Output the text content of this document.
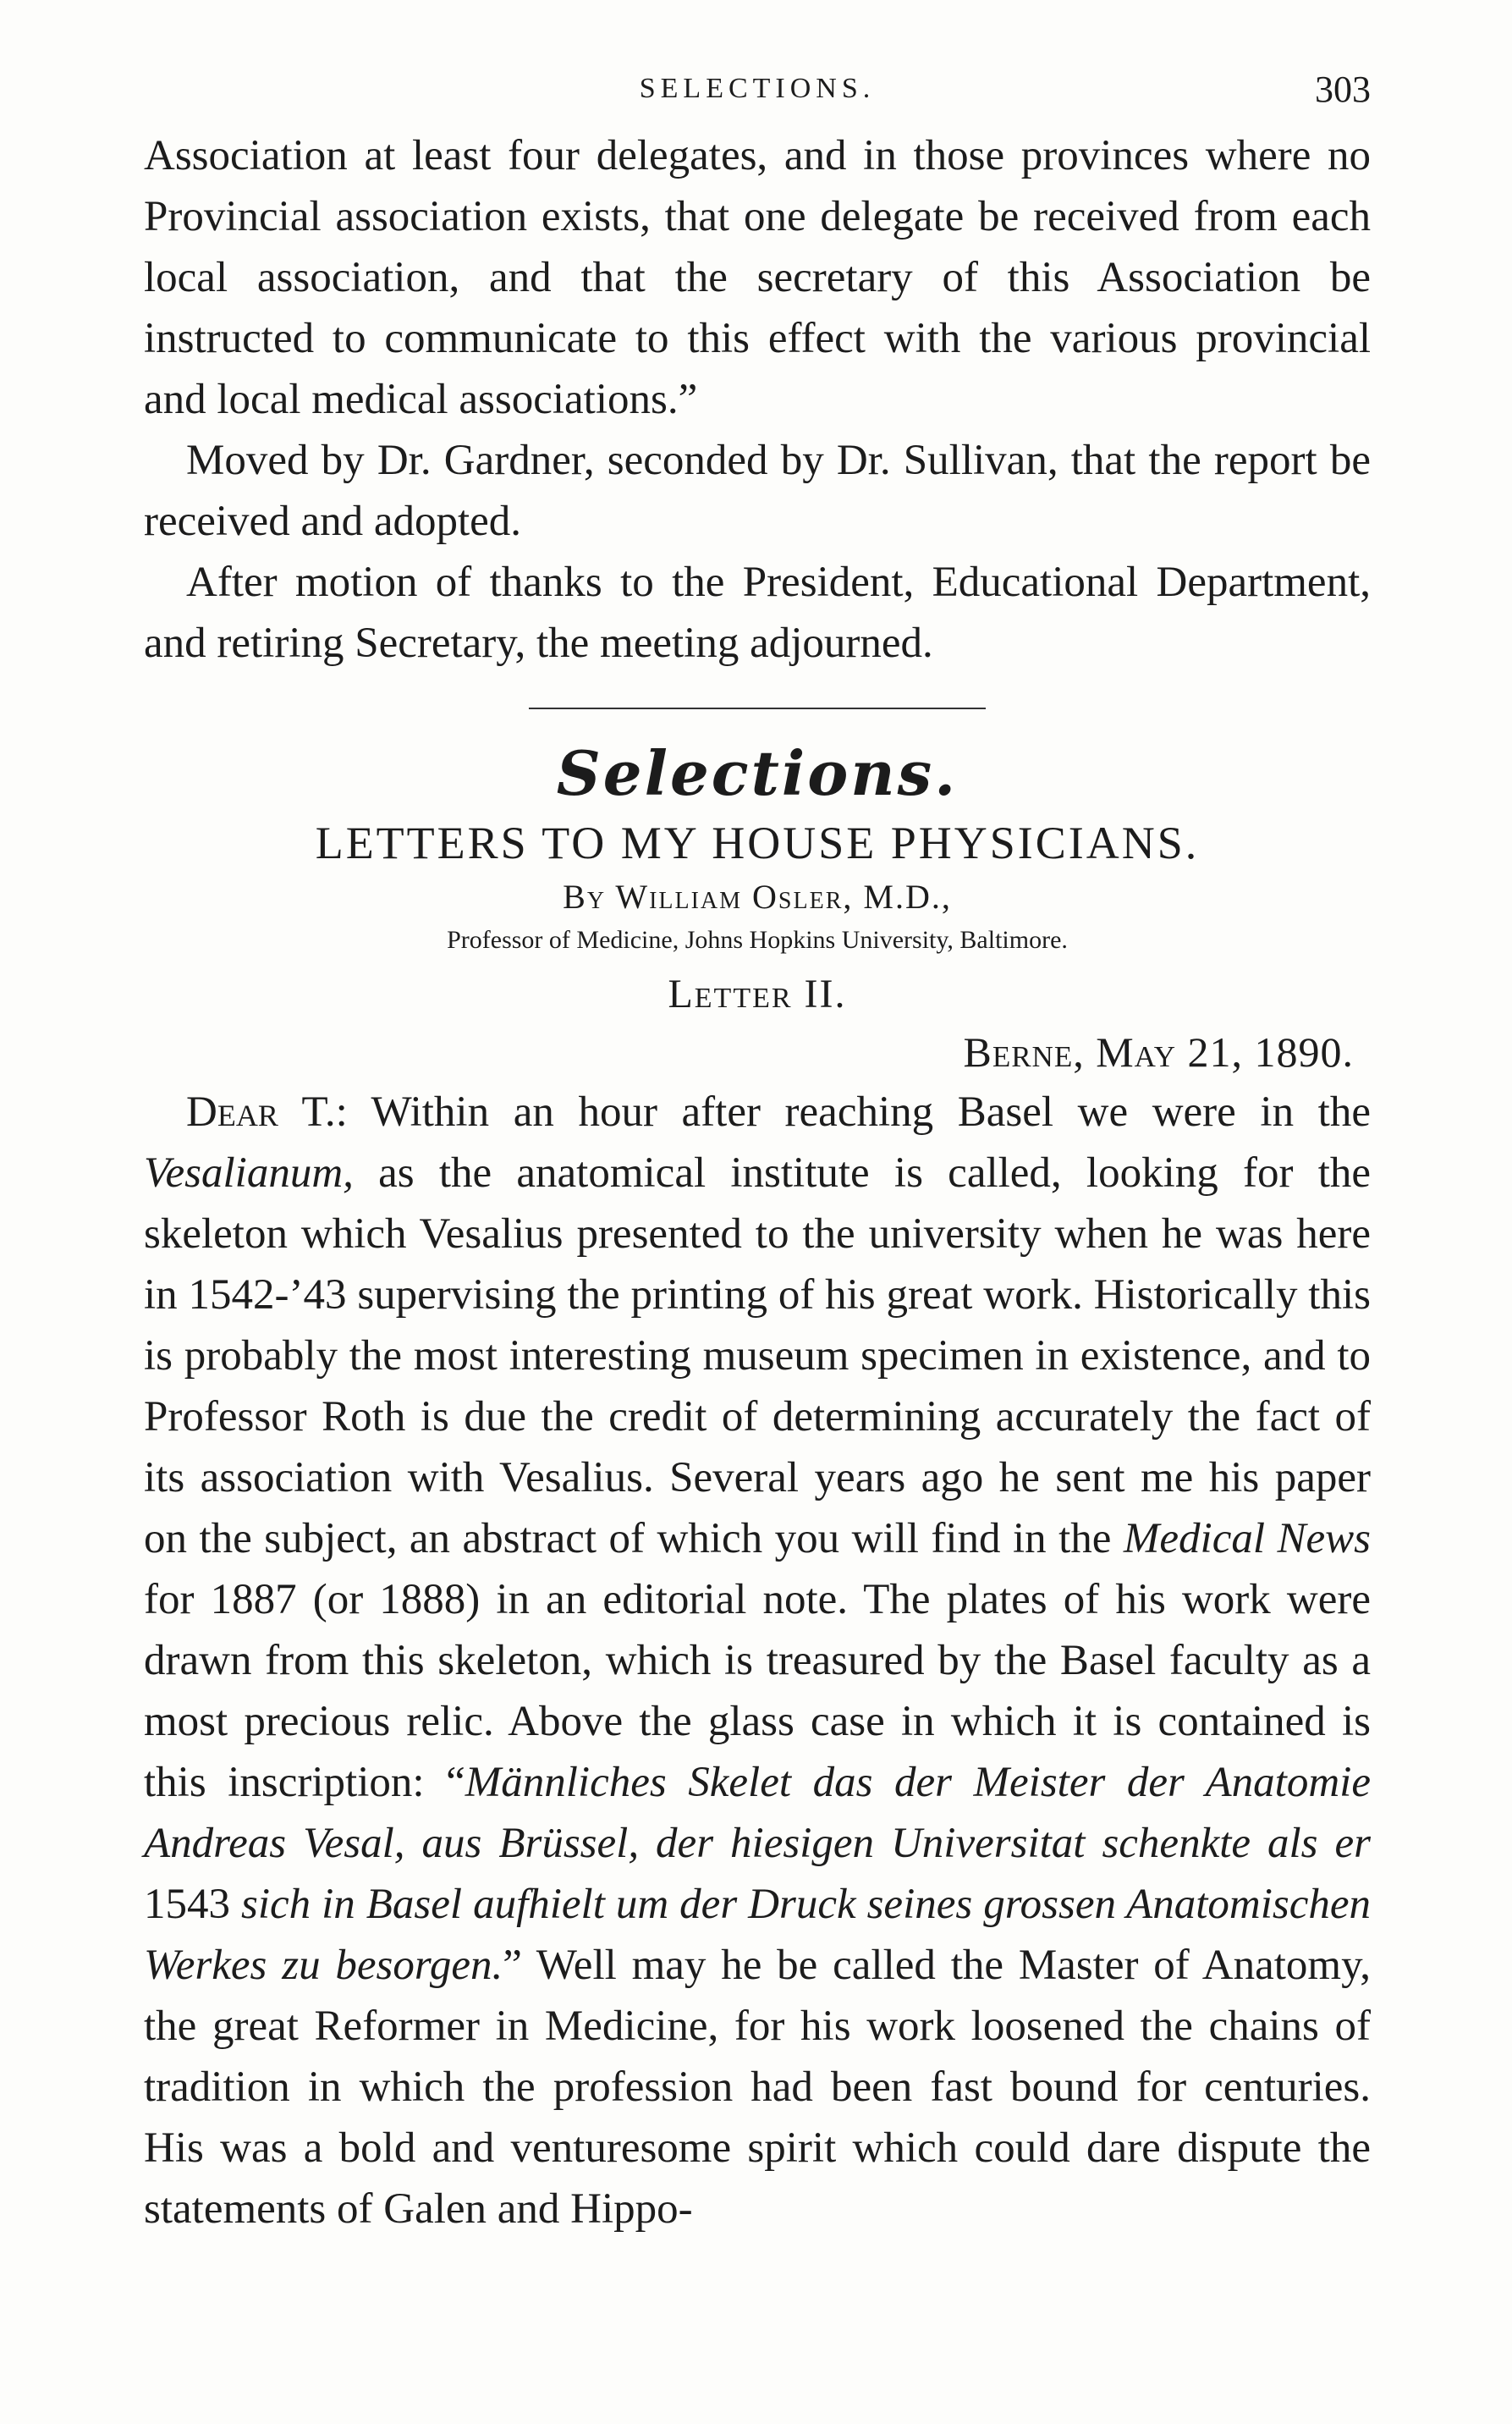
SELECTIONS.	303

Association at least four delegates, and in those provinces where no Provincial association exists, that one delegate be received from each local association, and that the secretary of this Association be instructed to communicate to this effect with the various provincial and local medical associations.”

Moved by Dr. Gardner, seconded by Dr. Sullivan, that the report be received and adopted.

After motion of thanks to the President, Educational Department, and retiring Secretary, the meeting adjourned.

Selections.
LETTERS TO MY HOUSE PHYSICIANS.
By William Osler, M.D.,
Professor of Medicine, Johns Hopkins University, Baltimore.
Letter II.
Berne, May 21, 1890.

Dear T.: Within an hour after reaching Basel we were in the Vesalianum, as the anatomical institute is called, looking for the skeleton which Vesalius presented to the university when he was here in 1542-’43 supervising the printing of his great work. Historically this is probably the most interesting museum specimen in existence, and to Professor Roth is due the credit of determining accurately the fact of its association with Vesalius. Several years ago he sent me his paper on the subject, an abstract of which you will find in the Medical News for 1887 (or 1888) in an editorial note. The plates of his work were drawn from this skeleton, which is treasured by the Basel faculty as a most precious relic. Above the glass case in which it is contained is this inscription: “Männliches Skelet das der Meister der Anatomie Andreas Vesal, aus Brüssel, der hiesigen Universitat schenkte als er 1543 sich in Basel aufhielt um der Druck seines grossen Anatomischen Werkes zu besorgen.” Well may he be called the Master of Anatomy, the great Reformer in Medicine, for his work loosened the chains of tradition in which the profession had been fast bound for centuries. His was a bold and venturesome spirit which could dare dispute the statements of Galen and Hippo-
